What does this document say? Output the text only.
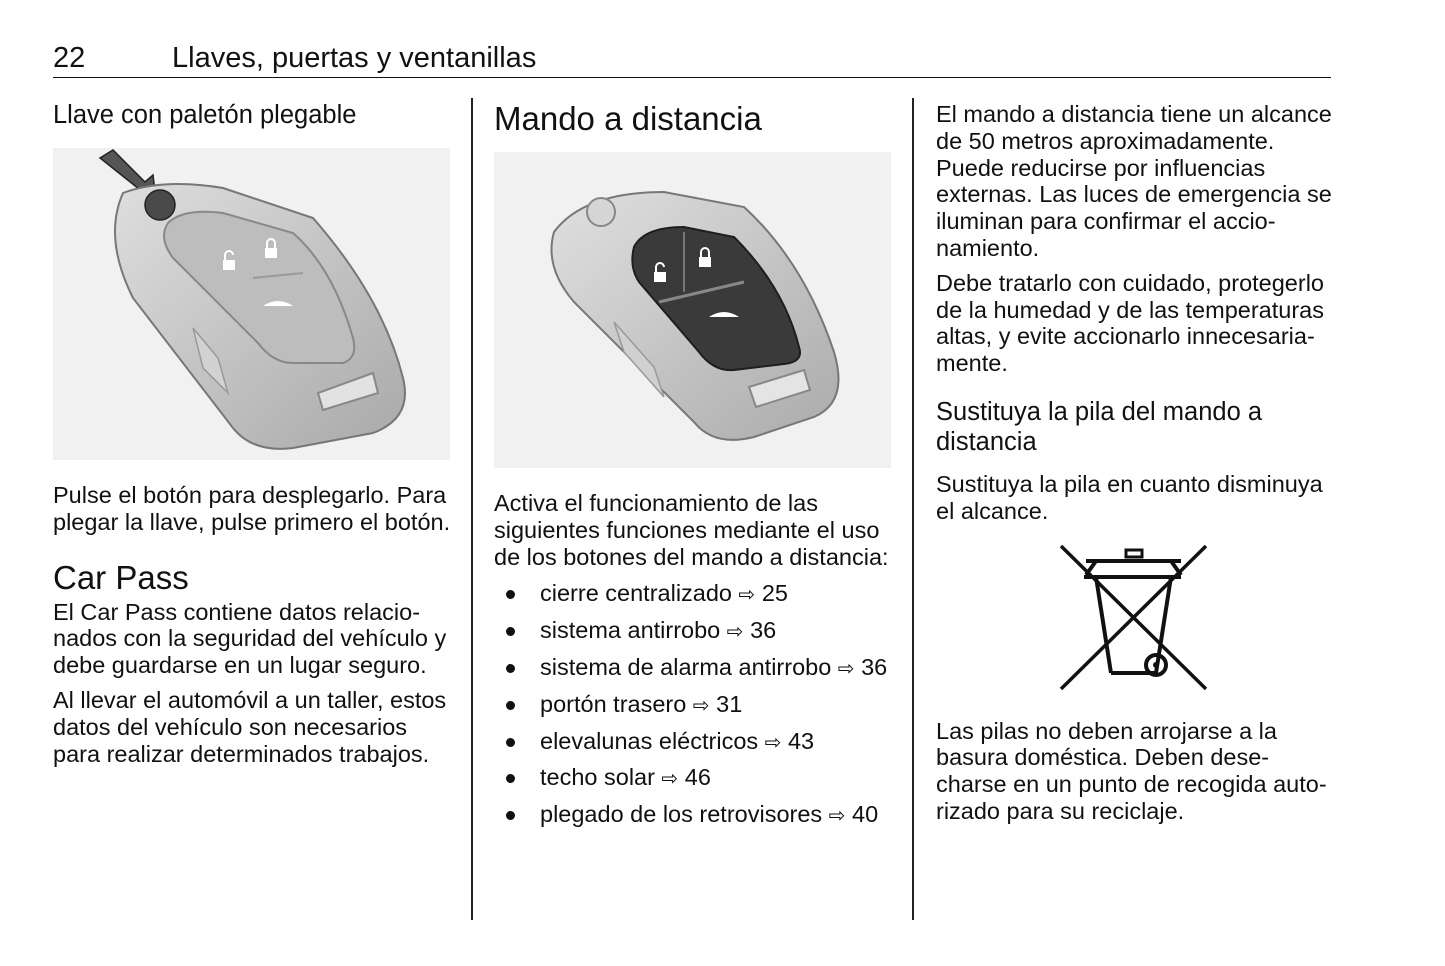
22	Llaves, puertas y ventanillas
Llave con paletón plegable

Pulse el botón para desplegarlo. Para plegar la llave, pulse primero el botón.

Car Pass

El Car Pass contiene datos relacio-nados con la seguridad del vehículo y debe guardarse en un lugar seguro.

Al llevar el automóvil a un taller, estos datos del vehículo son necesarios para realizar determinados trabajos.

Mando a distancia

Activa el funcionamiento de las siguientes funciones mediante el uso de los botones del mando a distancia:

cierre centralizado ⇨ 25
sistema antirrobo ⇨ 36
sistema de alarma antirrobo ⇨ 36
portón trasero ⇨ 31
elevalunas eléctricos ⇨ 43
techo solar ⇨ 46
plegado de los retrovisores ⇨ 40

El mando a distancia tiene un alcance de 50 metros aproximadamente. Puede reducirse por influencias externas. Las luces de emergencia se iluminan para confirmar el accio-namiento.

Debe tratarlo con cuidado, protegerlo de la humedad y de las temperaturas altas, y evite accionarlo innecesaria-mente.

Sustituya la pila del mando a distancia

Sustituya la pila en cuanto disminuya el alcance.

Las pilas no deben arrojarse a la basura doméstica. Deben dese-charse en un punto de recogida auto-rizado para su reciclaje.
